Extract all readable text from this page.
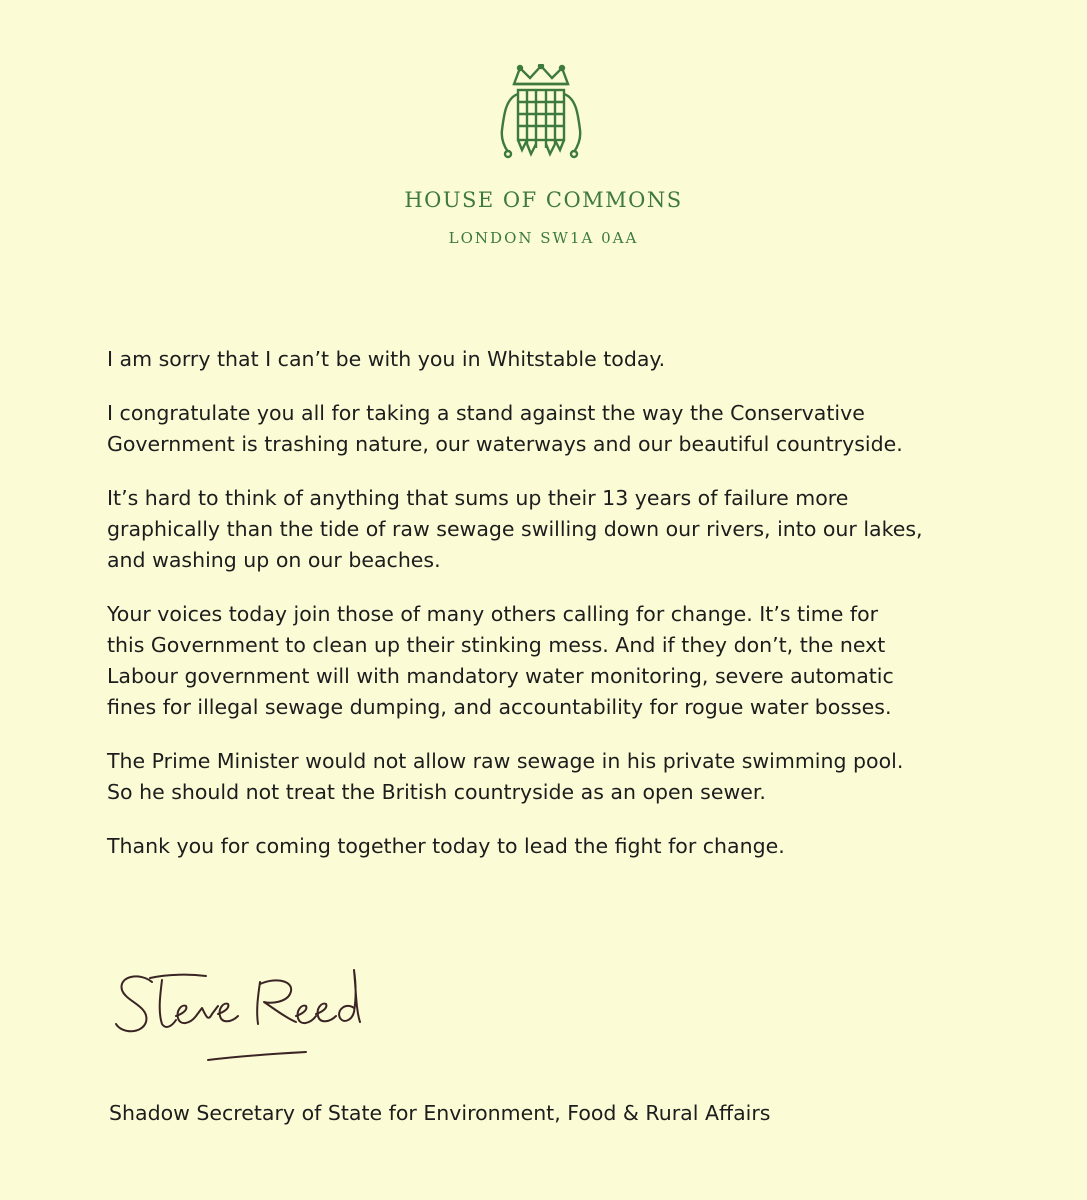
HOUSE OF COMMONS
LONDON SW1A 0AA

I am sorry that I can’t be with you in Whitstable today.

I congratulate you all for taking a stand against the way the Conservative
Government is trashing nature, our waterways and our beautiful countryside.

It’s hard to think of anything that sums up their 13 years of failure more
graphically than the tide of raw sewage swilling down our rivers, into our lakes,
and washing up on our beaches.

Your voices today join those of many others calling for change. It’s time for
this Government to clean up their stinking mess. And if they don’t, the next
Labour government will with mandatory water monitoring, severe automatic
fines for illegal sewage dumping, and accountability for rogue water bosses.

The Prime Minister would not allow raw sewage in his private swimming pool.
So he should not treat the British countryside as an open sewer.

Thank you for coming together today to lead the fight for change.

Shadow Secretary of State for Environment, Food & Rural Affairs
